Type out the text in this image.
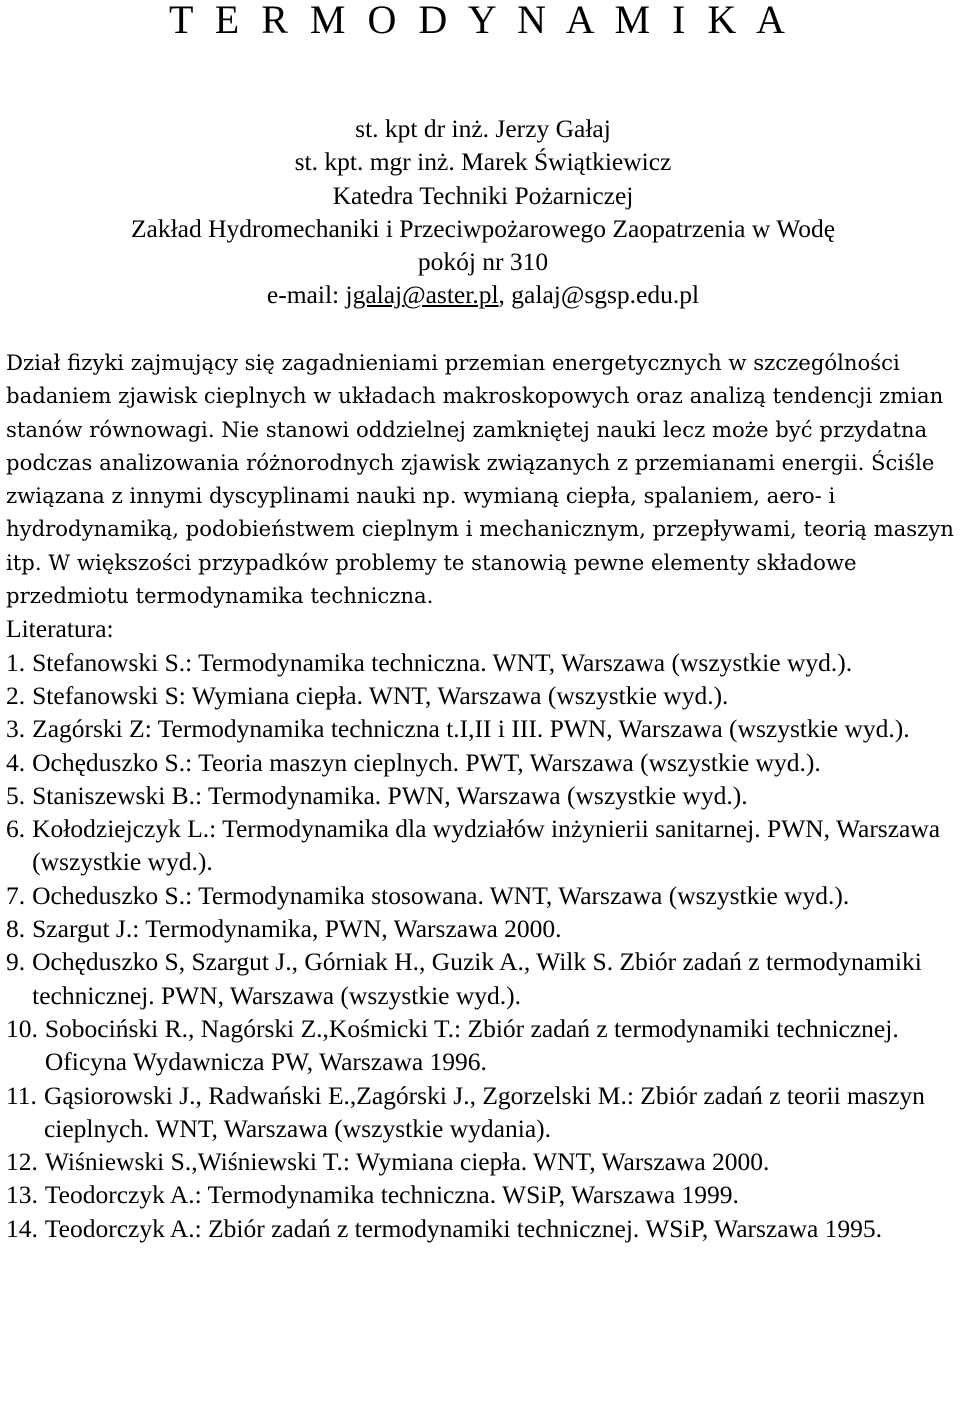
T E R M O D Y N A M I K A
st. kpt dr inż. Jerzy Gałaj
st. kpt. mgr inż. Marek Świątkiewicz
Katedra Techniki Pożarniczej
Zakład Hydromechaniki i Przeciwpożarowego Zaopatrzenia w Wodę
pokój nr 310
e-mail: jgalaj@aster.pl, galaj@sgsp.edu.pl

Dział fizyki zajmujący się zagadnieniami przemian energetycznych w szczególności badaniem zjawisk cieplnych w układach makroskopowych oraz analizą tendencji zmian stanów równowagi. Nie stanowi oddzielnej zamkniętej nauki lecz może być przydatna podczas analizowania różnorodnych zjawisk związanych z przemianami energii. Ściśle związana z innymi dyscyplinami nauki np. wymianą ciepła, spalaniem, aero- i hydrodynamiką, podobieństwem cieplnym i mechanicznym, przepływami, teorią maszyn itp. W większości przypadków problemy te stanowią pewne elementy składowe przedmiotu termodynamika techniczna.

Literatura:

1. Stefanowski S.: Termodynamika techniczna. WNT, Warszawa (wszystkie wyd.).
2. Stefanowski S: Wymiana ciepła. WNT, Warszawa (wszystkie wyd.).
3. Zagórski Z: Termodynamika techniczna t.I,II i III. PWN, Warszawa (wszystkie wyd.).
4. Ochęduszko S.: Teoria maszyn cieplnych. PWT, Warszawa (wszystkie wyd.).
5. Staniszewski B.: Termodynamika. PWN, Warszawa (wszystkie wyd.).
6. Kołodziejczyk L.: Termodynamika dla wydziałów inżynierii sanitarnej. PWN, Warszawa (wszystkie wyd.).
7. Ocheduszko S.: Termodynamika stosowana. WNT, Warszawa (wszystkie wyd.).
8. Szargut J.: Termodynamika, PWN, Warszawa 2000.
9. Ochęduszko S, Szargut J., Górniak H., Guzik A., Wilk S. Zbiór zadań z termodynamiki technicznej. PWN, Warszawa (wszystkie wyd.).
10. Sobociński R., Nagórski Z.,Kośmicki T.: Zbiór zadań z termodynamiki technicznej. Oficyna Wydawnicza PW, Warszawa 1996.
11. Gąsiorowski J., Radwański E.,Zagórski J., Zgorzelski M.: Zbiór zadań z teorii maszyn cieplnych. WNT, Warszawa (wszystkie wydania).
12. Wiśniewski S.,Wiśniewski T.: Wymiana ciepła. WNT, Warszawa 2000.
13. Teodorczyk A.: Termodynamika techniczna. WSiP, Warszawa 1999.
14. Teodorczyk A.: Zbiór zadań z termodynamiki technicznej. WSiP, Warszawa 1995.
